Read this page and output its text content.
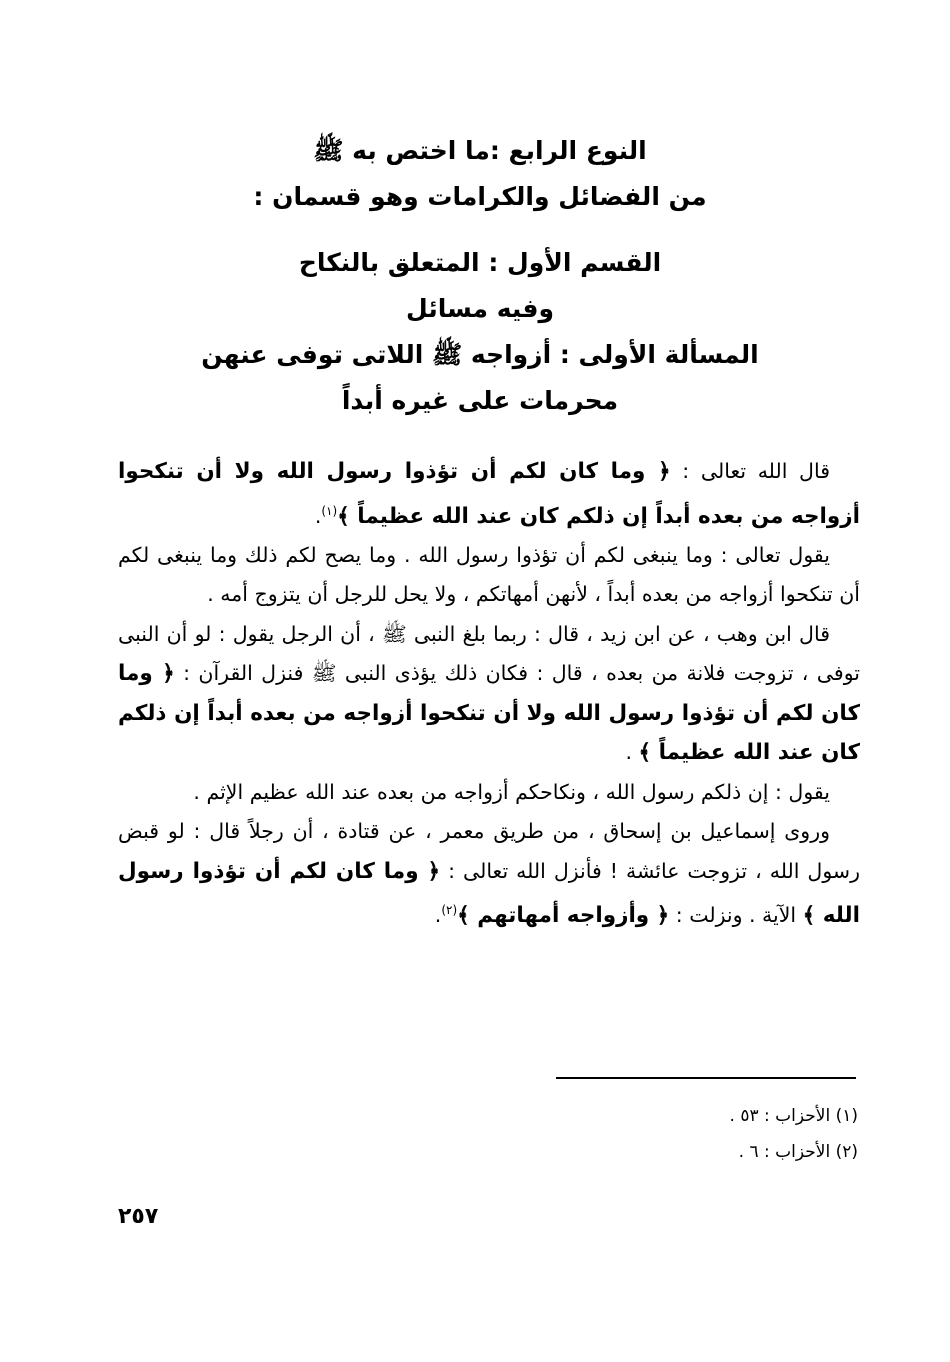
النوع الرابع :ما اختص به ﷺ
من الفضائل والكرامات وهو قسمان :
القسم الأول : المتعلق بالنكاح
وفيه مسائل
المسألة الأولى : أزواجه ﷺ اللاتى توفى عنهن
محرمات على غيره أبداً

قال الله تعالى : ﴿ وما كان لكم أن تؤذوا رسول الله ولا أن تنكحوا أزواجه من بعده أبداً إن ذلكم كان عند الله عظيماً ﴾$^{(١)}$.

يقول تعالى : وما ينبغى لكم أن تؤذوا رسول الله . وما يصح لكم ذلك وما ينبغى لكم أن تنكحوا أزواجه من بعده أبداً ، لأنهن أمهاتكم ، ولا يحل للرجل أن يتزوج أمه .

قال ابن وهب ، عن ابن زيد ، قال : ربما بلغ النبى ﷺ ، أن الرجل يقول : لو أن النبى توفى ، تزوجت فلانة من بعده ، قال : فكان ذلك يؤذى النبى ﷺ فنزل القرآن : ﴿ وما كان لكم أن تؤذوا رسول الله ولا أن تنكحوا أزواجه من بعده أبداً إن ذلكم كان عند الله عظيماً ﴾ .

يقول : إن ذلكم رسول الله ، ونكاحكم أزواجه من بعده عند الله عظيم الإثم .

وروى إسماعيل بن إسحاق ، من طريق معمر ، عن قتادة ، أن رجلاً قال : لو قبض رسول الله ، تزوجت عائشة ! فأنزل الله تعالى : ﴿ وما كان لكم أن تؤذوا رسول الله ﴾ الآية . ونزلت : ﴿ وأزواجه أمهاتهم ﴾$^{(٢)}$.

(١) الأحزاب : ٥٣ .
(٢) الأحزاب : ٦ .
٢٥٧
